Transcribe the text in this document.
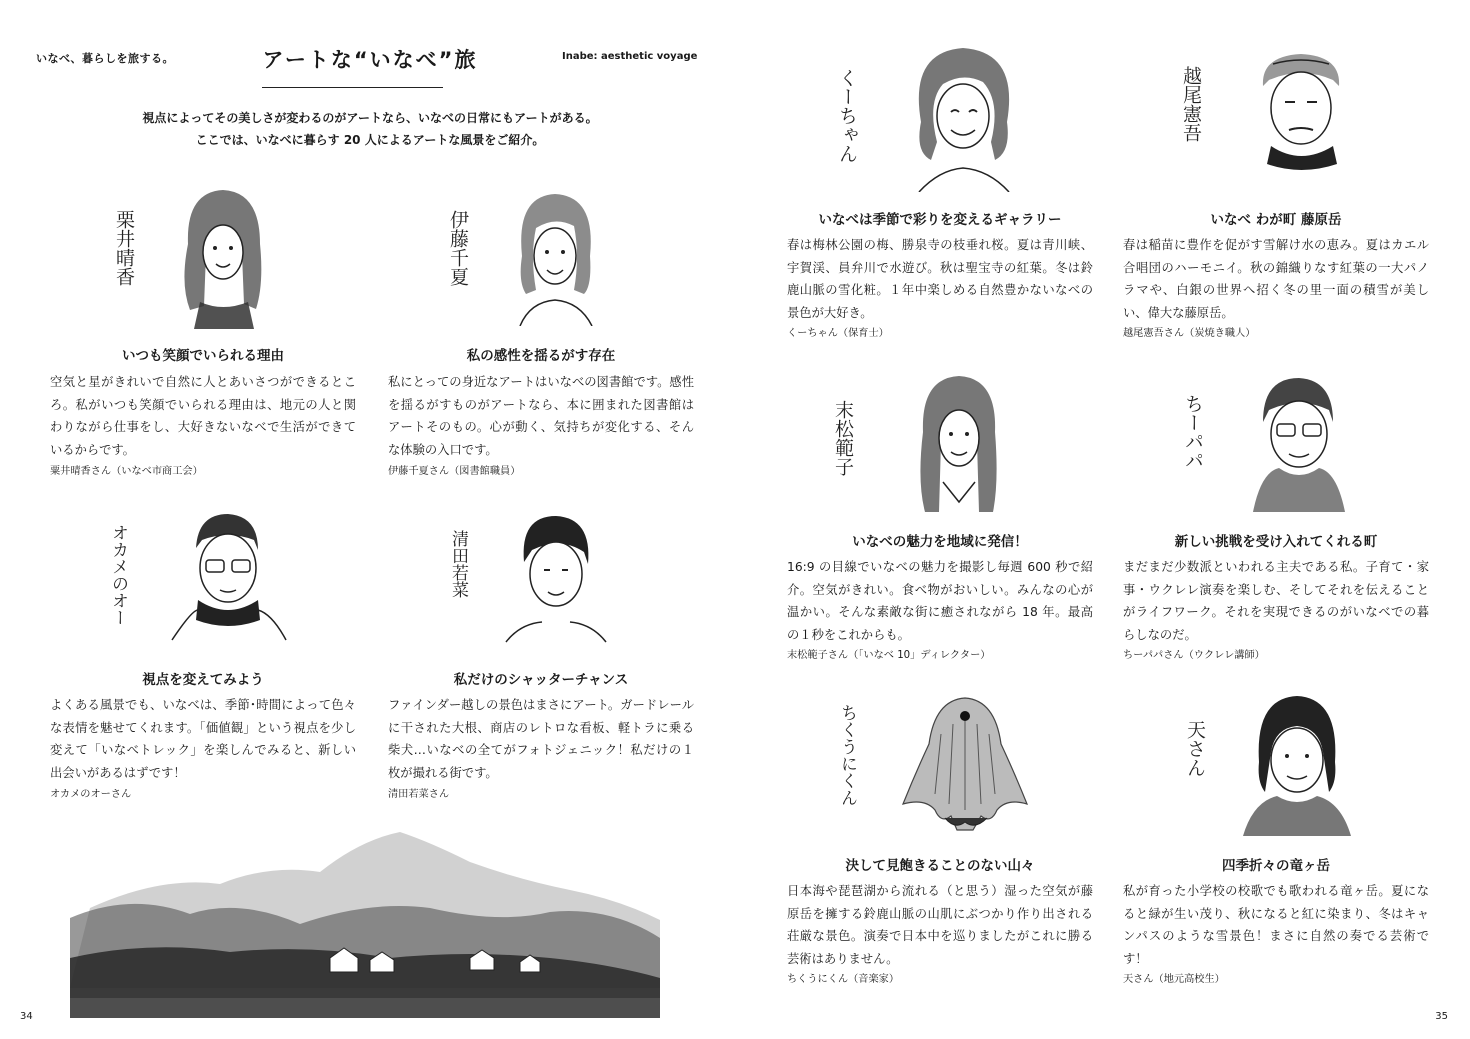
いなべ、暮らしを旅する。	アートな“いなべ”旅	Inabe: aesthetic voyage
視点によってその美しさが変わるのがアートなら、いなべの日常にもアートがある。
ここでは、いなべに暮らす 20 人によるアートな風景をご紹介。
栗井晴香
いつも笑顔でいられる理由
空気と星がきれいで自然に人とあいさつができるところ。私がいつも笑顔でいられる理由は、地元の人と関わりながら仕事をし、大好きないなべで生活ができているからです。
粟井晴香さん（いなべ市商工会）
伊藤千夏
私の感性を揺るがす存在
私にとっての身近なアートはいなべの図書館です。感性を揺るがすものがアートなら、本に囲まれた図書館はアートそのもの。心が動く、気持ちが変化する、そんな体験の入口です。
伊藤千夏さん（図書館職員）
オカメのオー
視点を変えてみよう
よくある風景でも、いなべは、季節･時間によって色々な表情を魅せてくれます。「価値観」という視点を少し変えて「いなべトレック」を楽しんでみると、新しい出会いがあるはずです！
オカメのオーさん
清田若菜
私だけのシャッターチャンス
ファインダー越しの景色はまさにアート。ガードレールに干された大根、商店のレトロな看板、軽トラに乗る柴犬…いなべの全てがフォトジェニック！私だけの１枚が撮れる街です。
清田若菜さん
34
くーちゃん
いなべは季節で彩りを変えるギャラリー
春は梅林公園の梅、勝泉寺の枝垂れ桜。夏は青川峡、宇賀渓、員弁川で水遊び。秋は聖宝寺の紅葉。冬は鈴鹿山脈の雪化粧。１年中楽しめる自然豊かないなべの景色が大好き。
くーちゃん（保育士）
越尾憲吾
いなべ わが町 藤原岳
春は稲苗に豊作を促がす雪解け水の恵み。夏はカエル合唱団のハーモニイ。秋の錦織りなす紅葉の一大パノラマや、白銀の世界へ招く冬の里一面の積雪が美しい、偉大な藤原岳。
越尾憲吾さん（炭焼き職人）
末松範子
いなべの魅力を地域に発信！
16:9 の目線でいなべの魅力を撮影し毎週 600 秒で紹介。空気がきれい。食べ物がおいしい。みんなの心が温かい。そんな素敵な街に癒されながら 18 年。最高の１秒をこれからも。
末松範子さん（「いなべ 10」ディレクター）
ちーパパ
新しい挑戦を受け入れてくれる町
まだまだ少数派といわれる主夫である私。子育て・家事・ウクレレ演奏を楽しむ、そしてそれを伝えることがライフワーク。それを実現できるのがいなべでの暮らしなのだ。
ちーパパさん（ウクレレ講師）
ちくうにくん
決して見飽きることのない山々
日本海や琵琶湖から流れる（と思う）湿った空気が藤原岳を擁する鈴鹿山脈の山肌にぶつかり作り出される荘厳な景色。演奏で日本中を巡りましたがこれに勝る芸術はありません。
ちくうにくん（音楽家）
天さん
四季折々の竜ヶ岳
私が育った小学校の校歌でも歌われる竜ヶ岳。夏になると緑が生い茂り、秋になると紅に染まり、冬はキャンパスのような雪景色！まさに自然の奏でる芸術です！
天さん（地元高校生）
35
